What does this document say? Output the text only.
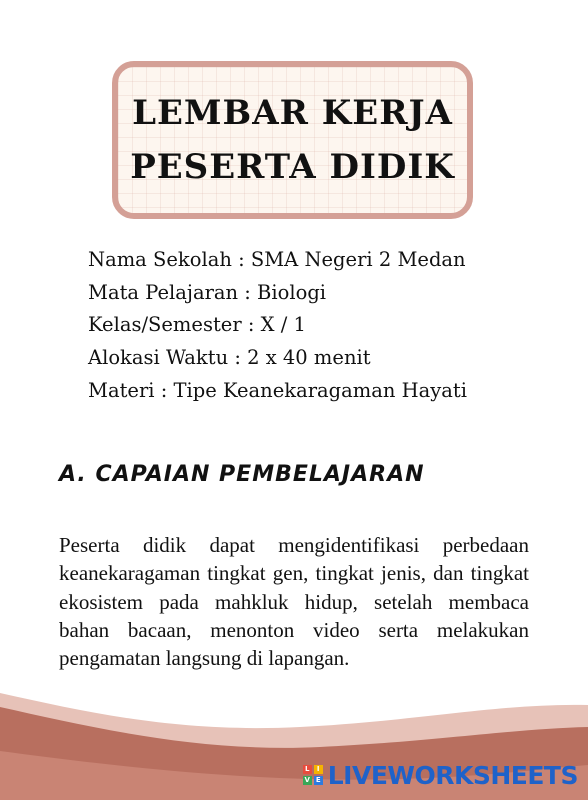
LEMBAR KERJA
PESERTA DIDIK
Nama Sekolah : SMA Negeri 2 Medan
Mata Pelajaran : Biologi
Kelas/Semester : X / 1
Alokasi Waktu : 2 x 40 menit
Materi : Tipe Keanekaragaman Hayati
A. CAPAIAN PEMBELAJARAN

Peserta didik dapat mengidentifikasi perbedaan keanekaragaman tingkat gen, tingkat jenis, dan tingkat ekosistem pada mahkluk hidup, setelah membaca bahan bacaan, menonton video serta melakukan pengamatan langsung di lapangan.

L	I
V E LIVEWORKSHEETS
